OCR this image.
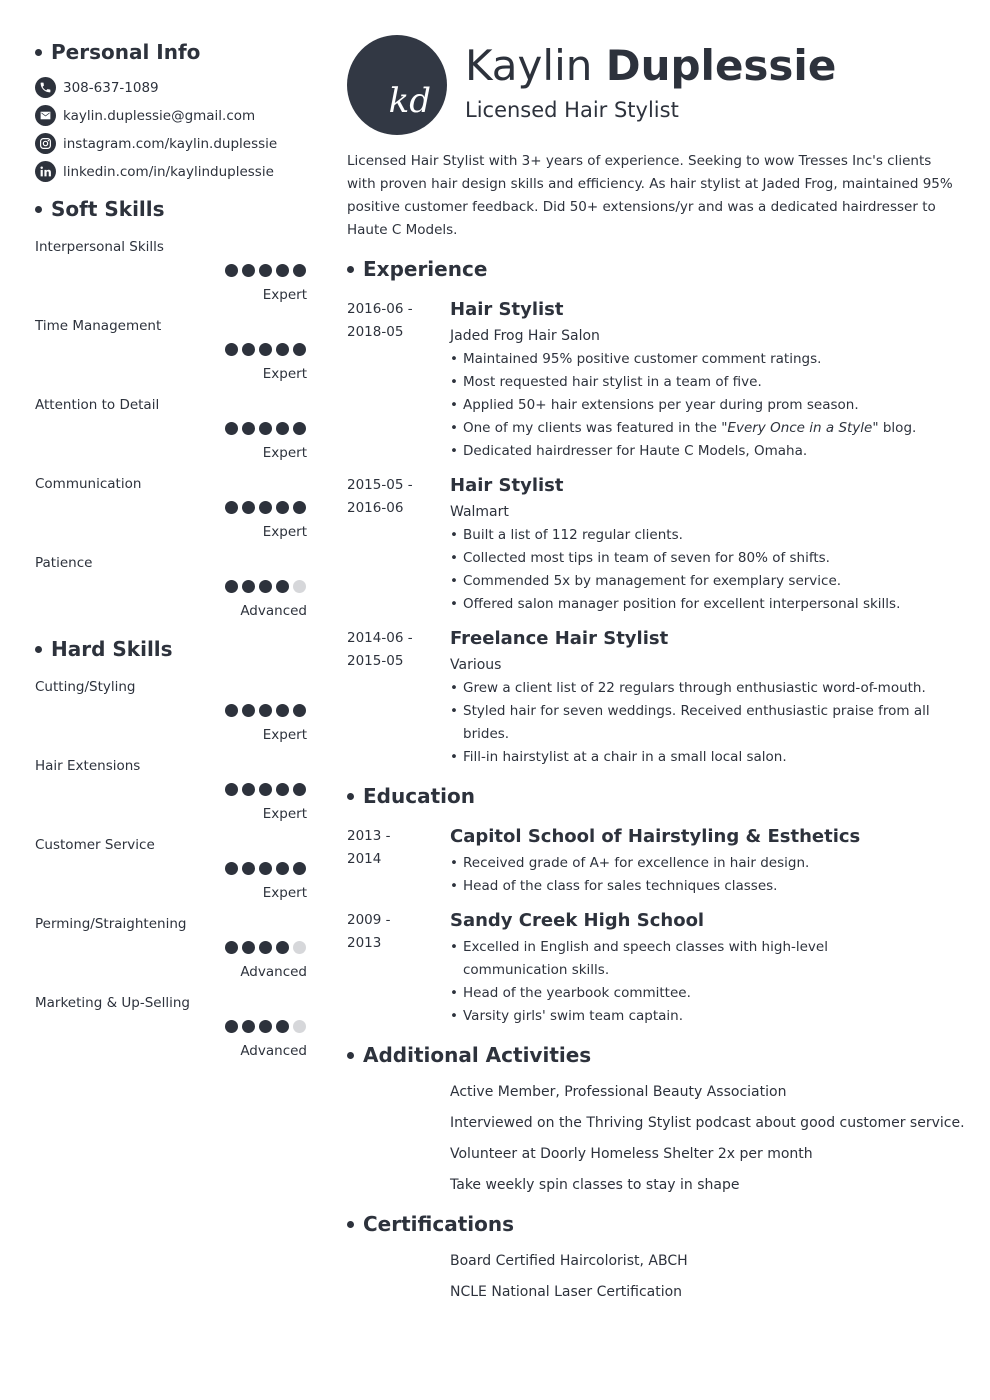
Personal Info
308-637-1089
kaylin.duplessie@gmail.com
instagram.com/kaylin.duplessie
linkedin.com/in/kaylinduplessie
Soft Skills
Interpersonal Skills
Expert
Time Management
Expert
Attention to Detail
Expert
Communication
Expert
Patience
Advanced
Hard Skills
Cutting/Styling
Expert
Hair Extensions
Expert
Customer Service
Expert
Perming/Straightening
Advanced
Marketing & Up-Selling
Advanced
kd
Kaylin Duplessie
Licensed Hair Stylist

Licensed Hair Stylist with 3+ years of experience. Seeking to wow Tresses Inc's clients with proven hair design skills and efficiency. As hair stylist at Jaded Frog, maintained 95% positive customer feedback. Did 50+ extensions/yr and was a dedicated hairdresser to Haute C Models.

Experience
2016-06 -
2018-05
Hair Stylist
Jaded Frog Hair Salon
• Maintained 95% positive customer comment ratings.
• Most requested hair stylist in a team of five.
• Applied 50+ hair extensions per year during prom season.
• One of my clients was featured in the "Every Once in a Style" blog.
• Dedicated hairdresser for Haute C Models, Omaha.
2015-05 -
2016-06
Hair Stylist
Walmart
• Built a list of 112 regular clients.
• Collected most tips in team of seven for 80% of shifts.
• Commended 5x by management for exemplary service.
• Offered salon manager position for excellent interpersonal skills.
2014-06 -
2015-05
Freelance Hair Stylist
Various
• Grew a client list of 22 regulars through enthusiastic word-of-mouth.
• Styled hair for seven weddings. Received enthusiastic praise from all brides.
• Fill-in hairstylist at a chair in a small local salon.
Education
2013 -
2014
Capitol School of Hairstyling & Esthetics
• Received grade of A+ for excellence in hair design.
• Head of the class for sales techniques classes.
2009 -
2013
Sandy Creek High School
• Excelled in English and speech classes with high-level communication skills.
• Head of the yearbook committee.
• Varsity girls' swim team captain.
Additional Activities
Active Member, Professional Beauty Association
Interviewed on the Thriving Stylist podcast about good customer service.
Volunteer at Doorly Homeless Shelter 2x per month
Take weekly spin classes to stay in shape
Certifications
Board Certified Haircolorist, ABCH
NCLE National Laser Certification
